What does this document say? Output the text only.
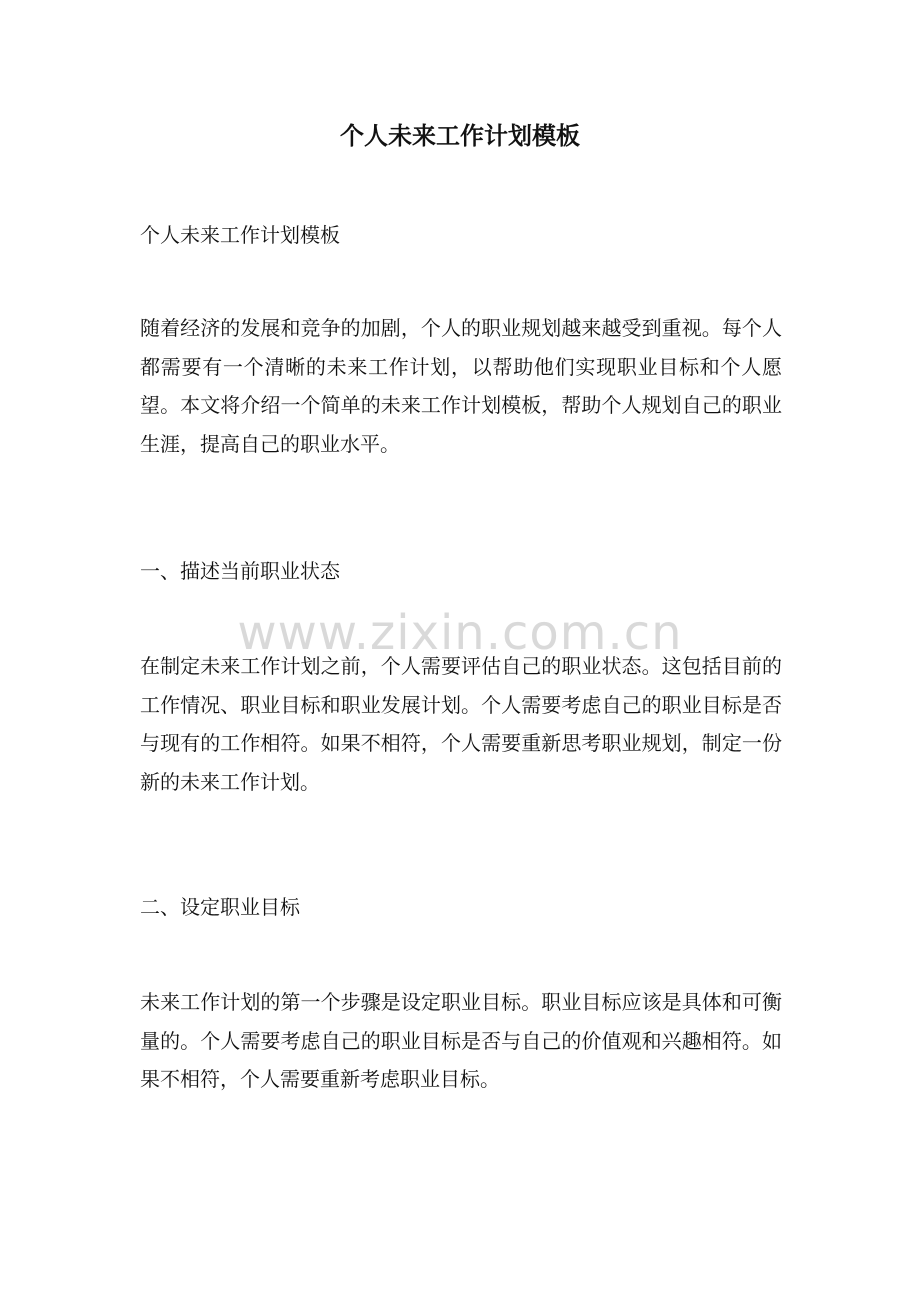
个人未来工作计划模板

个人未来工作计划模板

随着经济的发展和竞争的加剧，个人的职业规划越来越受到重视。每个人都需要有一个清晰的未来工作计划，以帮助他们实现职业目标和个人愿望。本文将介绍一个简单的未来工作计划模板，帮助个人规划自己的职业生涯，提高自己的职业水平。

一、描述当前职业状态

www.zixin.com.cn

在制定未来工作计划之前，个人需要评估自己的职业状态。这包括目前的工作情况、职业目标和职业发展计划。个人需要考虑自己的职业目标是否与现有的工作相符。如果不相符，个人需要重新思考职业规划，制定一份新的未来工作计划。

二、设定职业目标

未来工作计划的第一个步骤是设定职业目标。职业目标应该是具体和可衡量的。个人需要考虑自己的职业目标是否与自己的价值观和兴趣相符。如果不相符，个人需要重新考虑职业目标。
